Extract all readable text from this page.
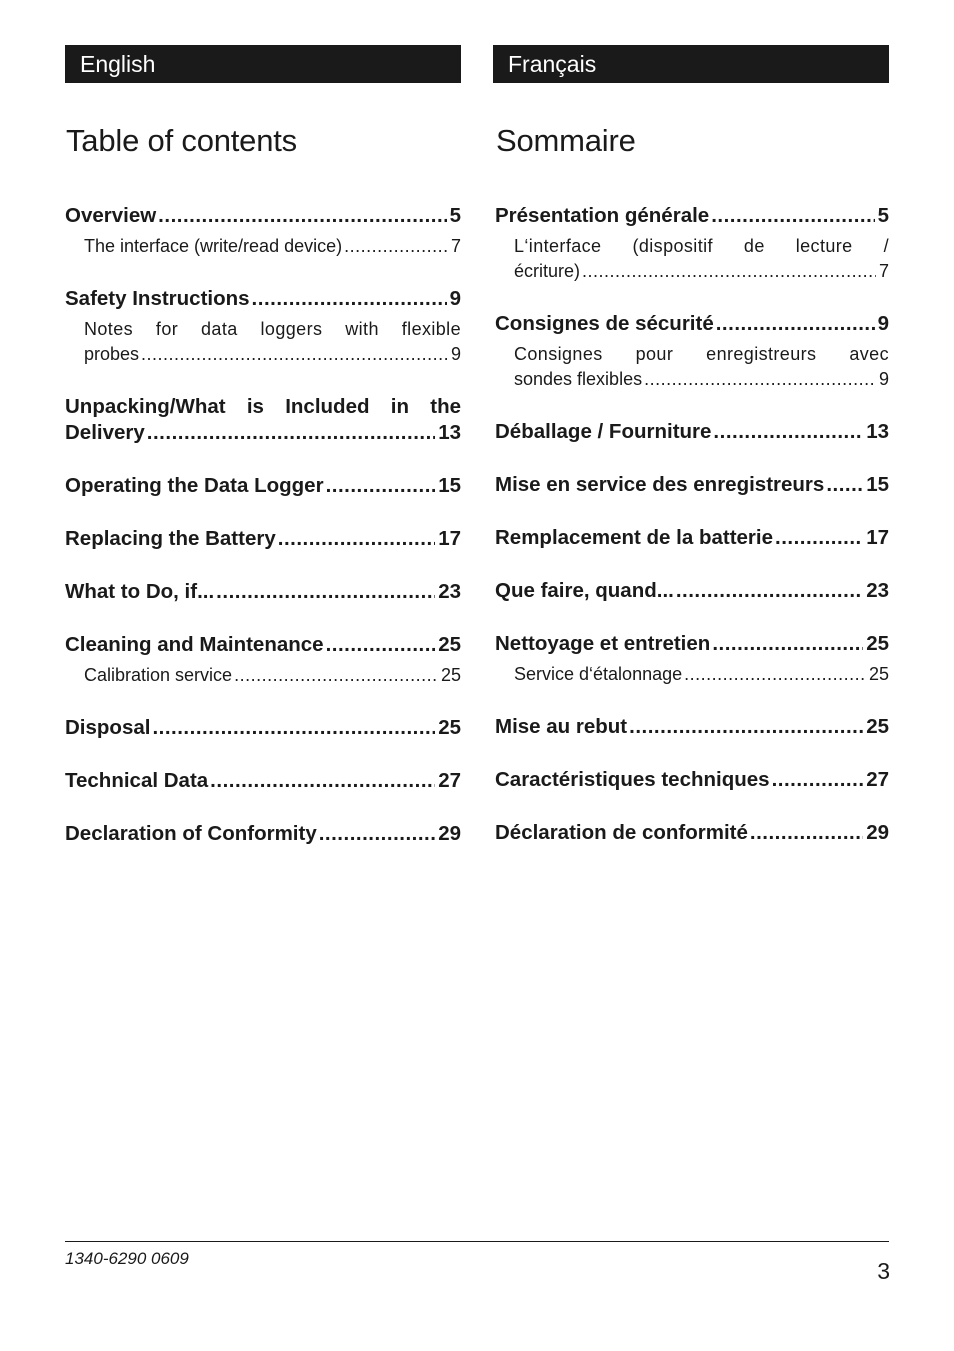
English
Table of contents
Overview .....	5
The interface (write/read device) .....	7
Safety Instructions .....	9
Notes for data loggers with flexible
probes .....	9
Unpacking/What is Included in the
Delivery .....	13
Operating the Data Logger .....	15
Replacing the Battery .....	17
What to Do, if... .....	23
Cleaning and Maintenance .....	25
Calibration service .....	25
Disposal .....	25
Technical Data .....	27
Declaration of Conformity .....	29
Français
Sommaire
Présentation générale .....	5
L‘interface (dispositif de lecture /
écriture) .....	7
Consignes de sécurité .....	9
Consignes pour enregistreurs avec
sondes flexibles .....	9
Déballage / Fourniture .....	13
Mise en service des enregistreurs ..... 15
Remplacement de la batterie .....	17
Que faire, quand... .....	23
Nettoyage et entretien .....	25
Service d‘étalonnage .....	25
Mise au rebut .....	25
Caractéristiques techniques .....	27
Déclaration de conformité .....	29
1340-6290 0609	3
